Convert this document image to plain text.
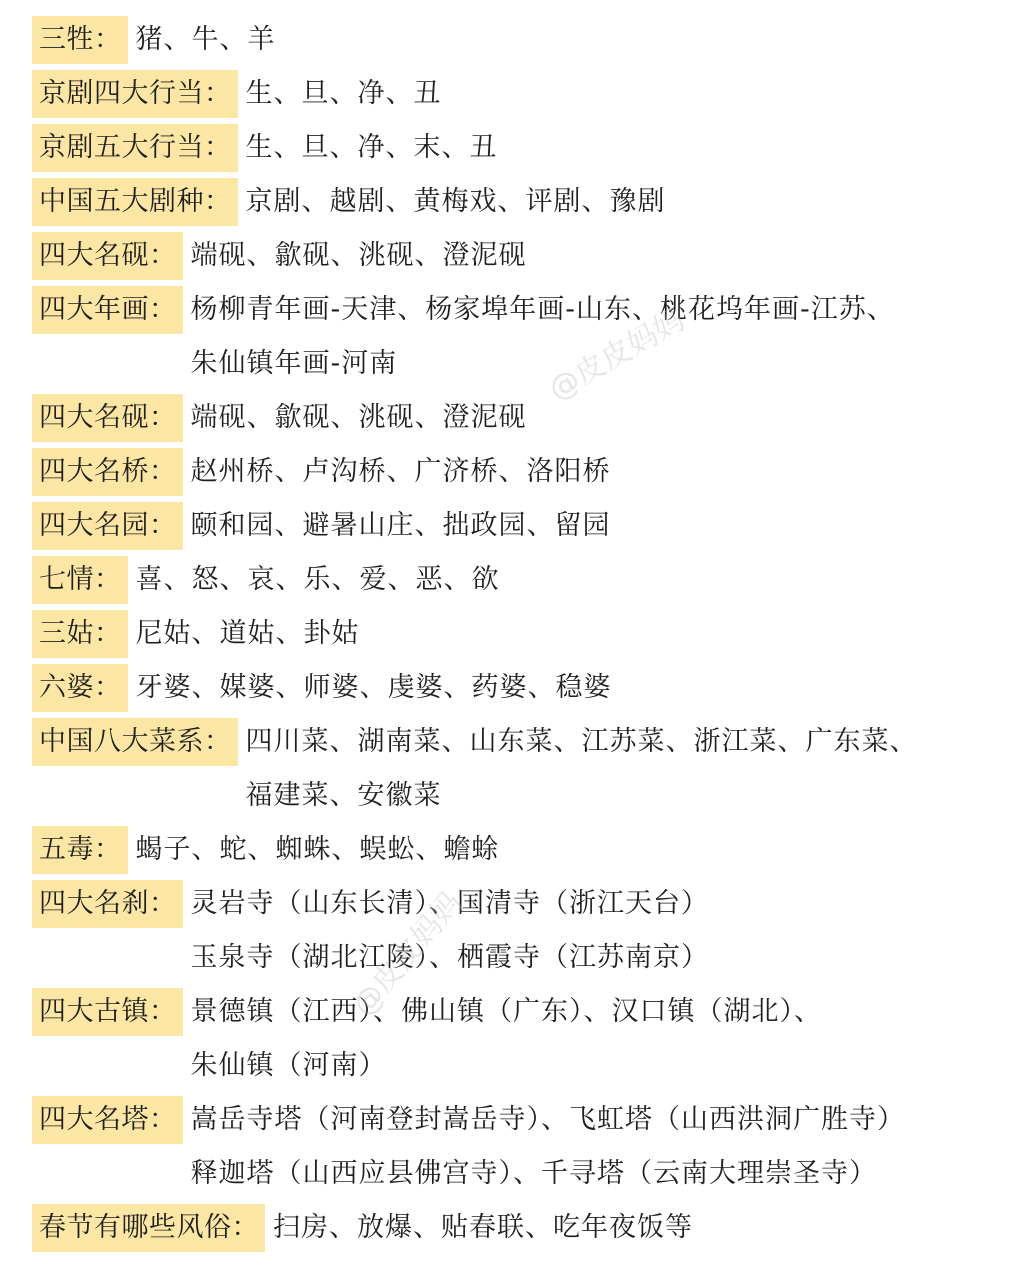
三牲： 猪、牛、羊
京剧四大行当： 生、旦、净、丑
京剧五大行当： 生、旦、净、末、丑
中国五大剧种： 京剧、越剧、黄梅戏、评剧、豫剧
四大名砚： 端砚、歙砚、洮砚、澄泥砚
四大年画： 杨柳青年画-天津、杨家埠年画-山东、桃花坞年画-江苏、
朱仙镇年画-河南
四大名砚： 端砚、歙砚、洮砚、澄泥砚
四大名桥： 赵州桥、卢沟桥、广济桥、洛阳桥
四大名园： 颐和园、避暑山庄、拙政园、留园
七情： 喜、怒、哀、乐、爱、恶、欲
三姑： 尼姑、道姑、卦姑
六婆： 牙婆、媒婆、师婆、虔婆、药婆、稳婆
中国八大菜系： 四川菜、湖南菜、山东菜、江苏菜、浙江菜、广东菜、
福建菜、安徽菜
五毒： 蝎子、蛇、蜘蛛、蜈蚣、蟾蜍
四大名刹： 灵岩寺（山东长清）、国清寺（浙江天台）
玉泉寺（湖北江陵）、栖霞寺（江苏南京）
四大古镇： 景德镇（江西）、佛山镇（广东）、汉口镇（湖北）、
朱仙镇（河南）
四大名塔： 嵩岳寺塔（河南登封嵩岳寺）、飞虹塔（山西洪洞广胜寺）
释迦塔（山西应县佛宫寺）、千寻塔（云南大理崇圣寺）
春节有哪些风俗： 扫房、放爆、贴春联、吃年夜饭等
@皮皮妈妈
@皮皮妈妈
